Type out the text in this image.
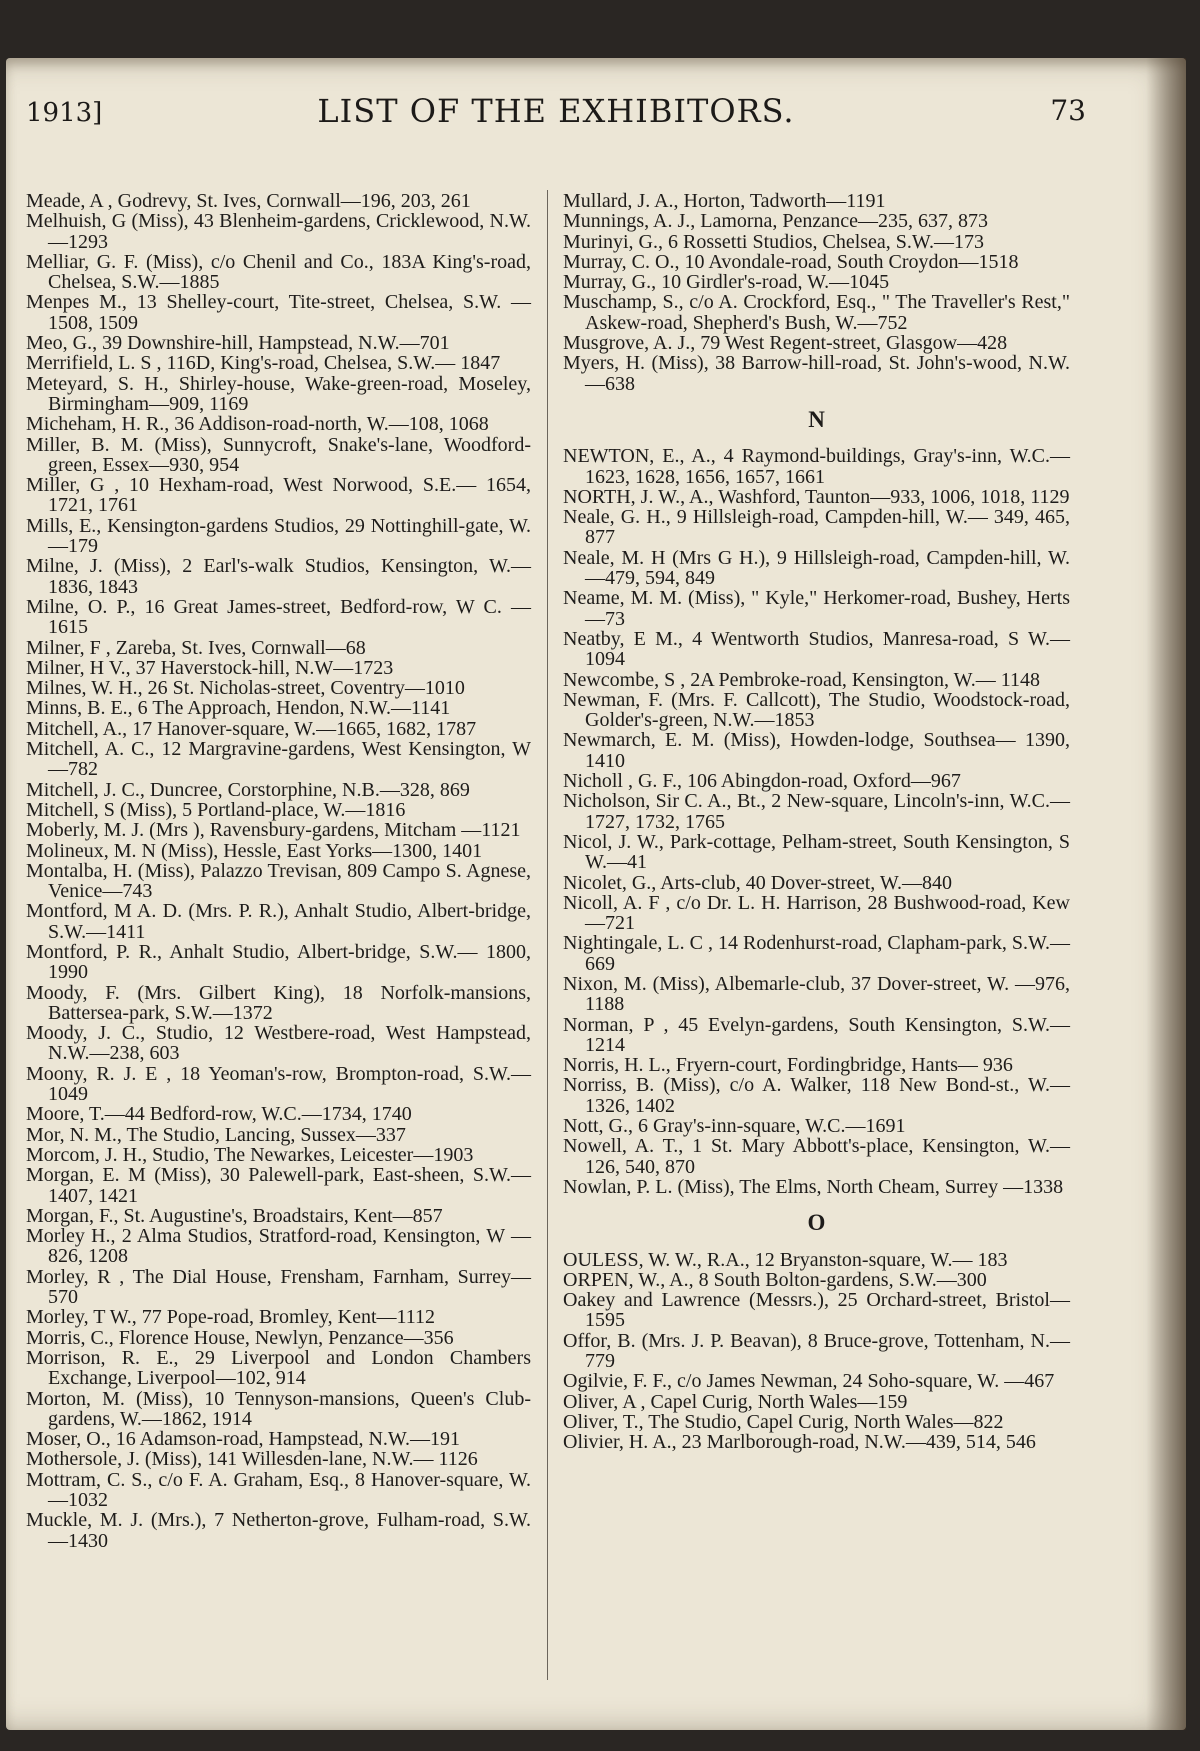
1913]	LIST OF THE EXHIBITORS.	73

Meade, A , Godrevy, St. Ives, Cornwall—196, 203, 261

Melhuish, G (Miss), 43 Blenheim-gardens, Cricklewood, N.W.—1293

Melliar, G. F. (Miss), c/o Chenil and Co., 183A King's-road, Chelsea, S.W.—1885

Menpes M., 13 Shelley-court, Tite-street, Chelsea, S.W. —1508, 1509

Meo, G., 39 Downshire-hill, Hampstead, N.W.—701

Merrifield, L. S , 116D, King's-road, Chelsea, S.W.— 1847

Meteyard, S. H., Shirley-house, Wake-green-road, Moseley, Birmingham—909, 1169

Micheham, H. R., 36 Addison-road-north, W.—108, 1068

Miller, B. M. (Miss), Sunnycroft, Snake's-lane, Woodford-green, Essex—930, 954

Miller, G , 10 Hexham-road, West Norwood, S.E.— 1654, 1721, 1761

Mills, E., Kensington-gardens Studios, 29 Nottinghill-gate, W.—179

Milne, J. (Miss), 2 Earl's-walk Studios, Kensington, W.—1836, 1843

Milne, O. P., 16 Great James-street, Bedford-row, W C. —1615

Milner, F , Zareba, St. Ives, Cornwall—68

Milner, H V., 37 Haverstock-hill, N.W—1723

Milnes, W. H., 26 St. Nicholas-street, Coventry—1010

Minns, B. E., 6 The Approach, Hendon, N.W.—1141

Mitchell, A., 17 Hanover-square, W.—1665, 1682, 1787

Mitchell, A. C., 12 Margravine-gardens, West Kensington, W —782

Mitchell, J. C., Duncree, Corstorphine, N.B.—328, 869

Mitchell, S (Miss), 5 Portland-place, W.—1816

Moberly, M. J. (Mrs ), Ravensbury-gardens, Mitcham —1121

Molineux, M. N (Miss), Hessle, East Yorks—1300, 1401

Montalba, H. (Miss), Palazzo Trevisan, 809 Campo S. Agnese, Venice—743

Montford, M A. D. (Mrs. P. R.), Anhalt Studio, Albert-bridge, S.W.—1411

Montford, P. R., Anhalt Studio, Albert-bridge, S.W.— 1800, 1990

Moody, F. (Mrs. Gilbert King), 18 Norfolk-mansions, Battersea-park, S.W.—1372

Moody, J. C., Studio, 12 Westbere-road, West Hampstead, N.W.—238, 603

Moony, R. J. E , 18 Yeoman's-row, Brompton-road, S.W.—1049

Moore, T.—44 Bedford-row, W.C.—1734, 1740

Mor, N. M., The Studio, Lancing, Sussex—337

Morcom, J. H., Studio, The Newarkes, Leicester—1903

Morgan, E. M (Miss), 30 Palewell-park, East-sheen, S.W.—1407, 1421

Morgan, F., St. Augustine's, Broadstairs, Kent—857

Morley H., 2 Alma Studios, Stratford-road, Kensington, W —826, 1208

Morley, R , The Dial House, Frensham, Farnham, Surrey—570

Morley, T W., 77 Pope-road, Bromley, Kent—1112

Morris, C., Florence House, Newlyn, Penzance—356

Morrison, R. E., 29 Liverpool and London Chambers Exchange, Liverpool—102, 914

Morton, M. (Miss), 10 Tennyson-mansions, Queen's Club-gardens, W.—1862, 1914

Moser, O., 16 Adamson-road, Hampstead, N.W.—191

Mothersole, J. (Miss), 141 Willesden-lane, N.W.— 1126

Mottram, C. S., c/o F. A. Graham, Esq., 8 Hanover-square, W.—1032

Muckle, M. J. (Mrs.), 7 Netherton-grove, Fulham-road, S.W.—1430

Mullard, J. A., Horton, Tadworth—1191

Munnings, A. J., Lamorna, Penzance—235, 637, 873

Murinyi, G., 6 Rossetti Studios, Chelsea, S.W.—173

Murray, C. O., 10 Avondale-road, South Croydon—1518

Murray, G., 10 Girdler's-road, W.—1045

Muschamp, S., c/o A. Crockford, Esq., " The Traveller's Rest," Askew-road, Shepherd's Bush, W.—752

Musgrove, A. J., 79 West Regent-street, Glasgow—428

Myers, H. (Miss), 38 Barrow-hill-road, St. John's-wood, N.W.—638

N

NEWTON, E., A., 4 Raymond-buildings, Gray's-inn, W.C.—1623, 1628, 1656, 1657, 1661

NORTH, J. W., A., Washford, Taunton—933, 1006, 1018, 1129

Neale, G. H., 9 Hillsleigh-road, Campden-hill, W.— 349, 465, 877

Neale, M. H (Mrs G H.), 9 Hillsleigh-road, Campden-hill, W.—479, 594, 849

Neame, M. M. (Miss), " Kyle," Herkomer-road, Bushey, Herts—73

Neatby, E M., 4 Wentworth Studios, Manresa-road, S W.—1094

Newcombe, S , 2A Pembroke-road, Kensington, W.— 1148

Newman, F. (Mrs. F. Callcott), The Studio, Woodstock-road, Golder's-green, N.W.—1853

Newmarch, E. M. (Miss), Howden-lodge, Southsea— 1390, 1410

Nicholl , G. F., 106 Abingdon-road, Oxford—967

Nicholson, Sir C. A., Bt., 2 New-square, Lincoln's-inn, W.C.—1727, 1732, 1765

Nicol, J. W., Park-cottage, Pelham-street, South Kensington, S W.—41

Nicolet, G., Arts-club, 40 Dover-street, W.—840

Nicoll, A. F , c/o Dr. L. H. Harrison, 28 Bushwood-road, Kew—721

Nightingale, L. C , 14 Rodenhurst-road, Clapham-park, S.W.—669

Nixon, M. (Miss), Albemarle-club, 37 Dover-street, W. —976, 1188

Norman, P , 45 Evelyn-gardens, South Kensington, S.W.—1214

Norris, H. L., Fryern-court, Fordingbridge, Hants— 936

Norriss, B. (Miss), c/o A. Walker, 118 New Bond-st., W.—1326, 1402

Nott, G., 6 Gray's-inn-square, W.C.—1691

Nowell, A. T., 1 St. Mary Abbott's-place, Kensington, W.—126, 540, 870

Nowlan, P. L. (Miss), The Elms, North Cheam, Surrey —1338

O

OULESS, W. W., R.A., 12 Bryanston-square, W.— 183

ORPEN, W., A., 8 South Bolton-gardens, S.W.—300

Oakey and Lawrence (Messrs.), 25 Orchard-street, Bristol—1595

Offor, B. (Mrs. J. P. Beavan), 8 Bruce-grove, Tottenham, N.—779

Ogilvie, F. F., c/o James Newman, 24 Soho-square, W. —467

Oliver, A , Capel Curig, North Wales—159

Oliver, T., The Studio, Capel Curig, North Wales—822

Olivier, H. A., 23 Marlborough-road, N.W.—439, 514, 546
